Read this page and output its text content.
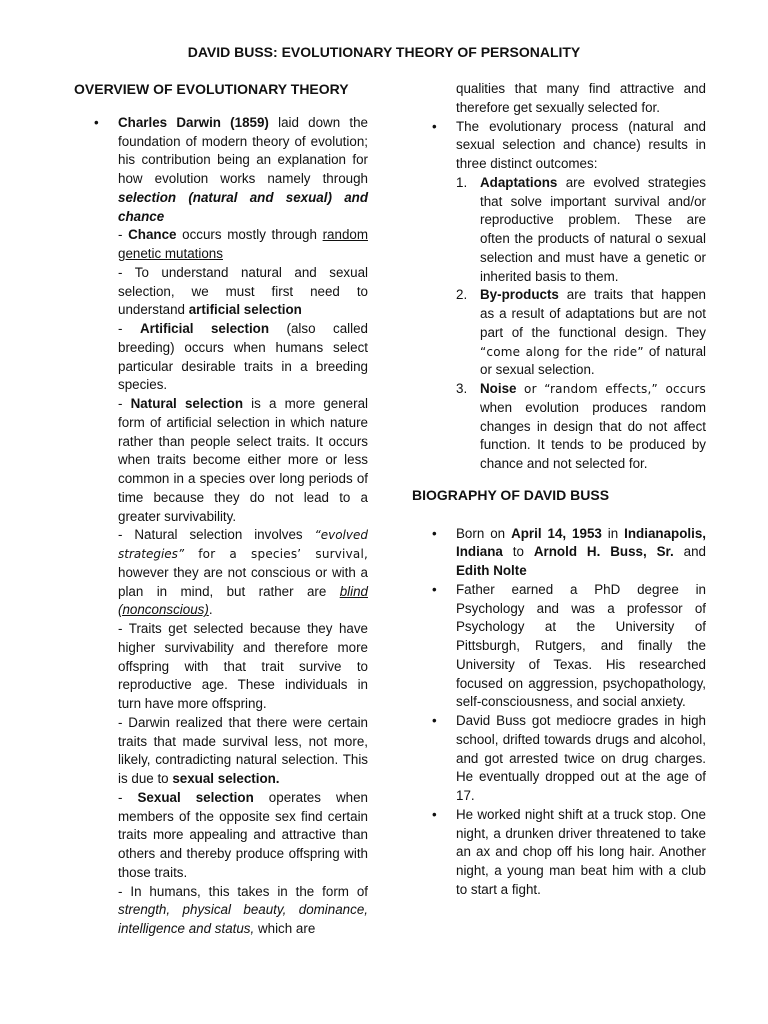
DAVID BUSS: EVOLUTIONARY THEORY OF PERSONALITY
OVERVIEW OF EVOLUTIONARY THEORY

• Charles Darwin (1859) laid down the foundation of modern theory of evolution; his contribution being an explanation for how evolution works namely through selection (natural and sexual) and chance

- Chance occurs mostly through random genetic mutations

- To understand natural and sexual selection, we must first need to understand artificial selection

- Artificial selection (also called breeding) occurs when humans select particular desirable traits in a breeding species.

- Natural selection is a more general form of artificial selection in which nature rather than people select traits. It occurs when traits become either more or less common in a species over long periods of time because they do not lead to a greater survivability.

- Natural selection involves “evolved strategies” for a species’ survival, however they are not conscious or with a plan in mind, but rather are blind (nonconscious).

- Traits get selected because they have higher survivability and therefore more offspring with that trait survive to reproductive age. These individuals in turn have more offspring.

- Darwin realized that there were certain traits that made survival less, not more, likely, contradicting natural selection. This is due to sexual selection.

- Sexual selection operates when members of the opposite sex find certain traits more appealing and attractive than others and thereby produce offspring with those traits.

- In humans, this takes in the form of strength, physical beauty, dominance, intelligence and status, which are

qualities that many find attractive and therefore get sexually selected for.

• The evolutionary process (natural and sexual selection and chance) results in three distinct outcomes:

1. Adaptations are evolved strategies that solve important survival and/or reproductive problem. These are often the products of natural o sexual selection and must have a genetic or inherited basis to them.
2. By-products are traits that happen as a result of adaptations but are not part of the functional design. They “come along for the ride” of natural or sexual selection.
3. Noise or “random effects,” occurs when evolution produces random changes in design that do not affect function. It tends to be produced by chance and not selected for.
BIOGRAPHY OF DAVID BUSS
• Born on April 14, 1953 in Indianapolis, Indiana to Arnold H. Buss, Sr. and Edith Nolte
• Father earned a PhD degree in Psychology and was a professor of Psychology at the University of Pittsburgh, Rutgers, and finally the University of Texas. His researched focused on aggression, psychopathology, self-consciousness, and social anxiety.
• David Buss got mediocre grades in high school, drifted towards drugs and alcohol, and got arrested twice on drug charges. He eventually dropped out at the age of 17.
• He worked night shift at a truck stop. One night, a drunken driver threatened to take an ax and chop off his long hair. Another night, a young man beat him with a club to start a fight.
